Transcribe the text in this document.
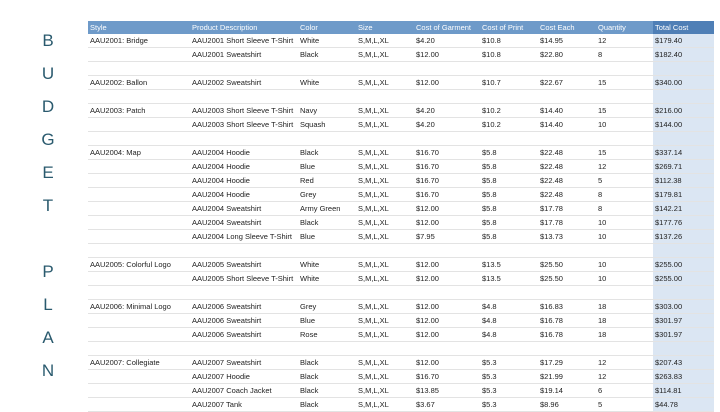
B
U
D
G
E
T
P
L
A
N
Style	Product Description	Color	Size	Cost of Garment	Cost of Print	Cost Each	Quantity	Total Cost
AAU2001: Bridge	AAU2001 Short Sleeve T-Shirt	White	S,M,L,XL	$4.20	$10.8	$14.95	12	$179.40
	AAU2001 Sweatshirt	Black	S,M,L,XL	$12.00	$10.8	$22.80	8	$182.40

AAU2002: Ballon	AAU2002 Sweatshirt	White	S,M,L,XL	$12.00	$10.7	$22.67	15	$340.00

AAU2003: Patch	AAU2003 Short Sleeve T-Shirt	Navy	S,M,L,XL	$4.20	$10.2	$14.40	15	$216.00
	AAU2003 Short Sleeve T-Shirt	Squash	S,M,L,XL	$4.20	$10.2	$14.40	10	$144.00

AAU2004: Map	AAU2004 Hoodie	Black	S,M,L,XL	$16.70	$5.8	$22.48	15	$337.14
	AAU2004 Hoodie	Blue	S,M,L,XL	$16.70	$5.8	$22.48	12	$269.71
	AAU2004 Hoodie	Red	S,M,L,XL	$16.70	$5.8	$22.48	5	$112.38
	AAU2004 Hoodie	Grey	S,M,L,XL	$16.70	$5.8	$22.48	8	$179.81
	AAU2004 Sweatshirt	Army Green	S,M,L,XL	$12.00	$5.8	$17.78	8	$142.21
	AAU2004 Sweatshirt	Black	S,M,L,XL	$12.00	$5.8	$17.78	10	$177.76
	AAU2004 Long Sleeve T-Shirt	Blue	S,M,L,XL	$7.95	$5.8	$13.73	10	$137.26

AAU2005: Colorful Logo	AAU2005 Sweatshirt	White	S,M,L,XL	$12.00	$13.5	$25.50	10	$255.00
	AAU2005 Short Sleeve T-Shirt	White	S,M,L,XL	$12.00	$13.5	$25.50	10	$255.00

AAU2006: Minimal Logo	AAU2006 Sweatshirt	Grey	S,M,L,XL	$12.00	$4.8	$16.83	18	$303.00
	AAU2006 Sweatshirt	Blue	S,M,L,XL	$12.00	$4.8	$16.78	18	$301.97
	AAU2006 Sweatshirt	Rose	S,M,L,XL	$12.00	$4.8	$16.78	18	$301.97

AAU2007: Collegiate	AAU2007 Sweatshirt	Black	S,M,L,XL	$12.00	$5.3	$17.29	12	$207.43
	AAU2007 Hoodie	Black	S,M,L,XL	$16.70	$5.3	$21.99	12	$263.83
	AAU2007 Coach Jacket	Black	S,M,L,XL	$13.85	$5.3	$19.14	6	$114.81
	AAU2007 Tank	Black	S,M,L,XL	$3.67	$5.3	$8.96	5	$44.78
